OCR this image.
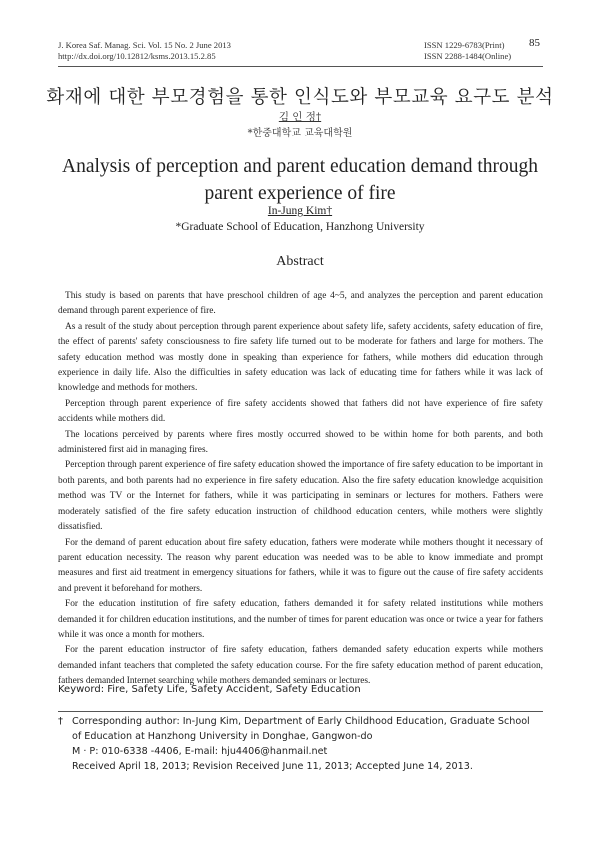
J. Korea Saf. Manag. Sci. Vol. 15 No. 2 June 2013
http://dx.doi.org/10.12812/ksms.2013.15.2.85
ISSN 1229-6783(Print)
ISSN 2288-1484(Online)
85
화재에 대한 부모경험을 통한 인식도와 부모교육 요구도 분석
김 인 정†
*한중대학교 교육대학원
Analysis of perception and parent education demand through
parent experience of fire
In-Jung Kim†
*Graduate School of Education, Hanzhong University
Abstract

This study is based on parents that have preschool children of age 4~5, and analyzes the perception and parent education demand through parent experience of fire.

As a result of the study about perception through parent experience about safety life, safety accidents, safety education of fire, the effect of parents' safety consciousness to fire safety life turned out to be moderate for fathers and large for mothers. The safety education method was mostly done in speaking than experience for fathers, while mothers did education through experience in daily life. Also the difficulties in safety education was lack of educating time for fathers while it was lack of knowledge and methods for mothers.

Perception through parent experience of fire safety accidents showed that fathers did not have experience of fire safety accidents while mothers did.

The locations perceived by parents where fires mostly occurred showed to be within home for both parents, and both administered first aid in managing fires.

Perception through parent experience of fire safety education showed the importance of fire safety education to be important in both parents, and both parents had no experience in fire safety education. Also the fire safety education knowledge acquisition method was TV or the Internet for fathers, while it was participating in seminars or lectures for mothers. Fathers were moderately satisfied of the fire safety education instruction of childhood education centers, while mothers were slightly dissatisfied.

For the demand of parent education about fire safety education, fathers were moderate while mothers thought it necessary of parent education necessity. The reason why parent education was needed was to be able to know immediate and prompt measures and first aid treatment in emergency situations for fathers, while it was to figure out the cause of fire safety accidents and prevent it beforehand for mothers.

For the education institution of fire safety education, fathers demanded it for safety related institutions while mothers demanded it for children education institutions, and the number of times for parent education was once or twice a year for fathers while it was once a month for mothers.

For the parent education instructor of fire safety education, fathers demanded safety education experts while mothers demanded infant teachers that completed the safety education course. For the fire safety education method of parent education, fathers demanded Internet searching while mothers demanded seminars or lectures.

Keyword: Fire, Safety Life, Safety Accident, Safety Education
† Corresponding author: In-Jung Kim, Department of Early Childhood Education, Graduate School
of Education at Hanzhong University in Donghae, Gangwon-do
M · P: 010-6338 -4406, E-mail: hju4406@hanmail.net
Received April 18, 2013; Revision Received June 11, 2013; Accepted June 14, 2013.
